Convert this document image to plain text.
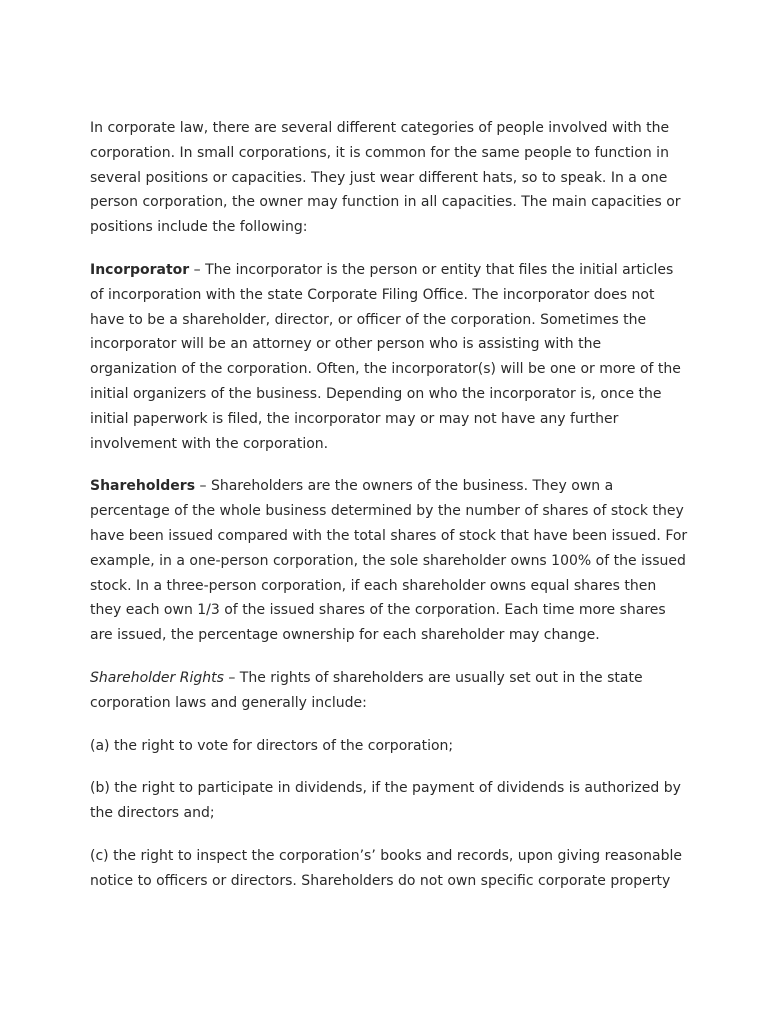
In corporate law, there are several different categories of people involved with the corporation. In small corporations, it is common for the same people to function in several positions or capacities. They just wear different hats, so to speak. In a one person corporation, the owner may function in all capacities. The main capacities or positions include the following:

Incorporator – The incorporator is the person or entity that files the initial articles of incorporation with the state Corporate Filing Office. The incorporator does not have to be a shareholder, director, or officer of the corporation. Sometimes the incorporator will be an attorney or other person who is assisting with the organization of the corporation. Often, the incorporator(s) will be one or more of the initial organizers of the business. Depending on who the incorporator is, once the initial paperwork is filed, the incorporator may or may not have any further involvement with the corporation.

Shareholders – Shareholders are the owners of the business. They own a percentage of the whole business determined by the number of shares of stock they have been issued compared with the total shares of stock that have been issued. For example, in a one-person corporation, the sole shareholder owns 100% of the issued stock. In a three-person corporation, if each shareholder owns equal shares then they each own 1/3 of the issued shares of the corporation. Each time more shares are issued, the percentage ownership for each shareholder may change.

Shareholder Rights – The rights of shareholders are usually set out in the state corporation laws and generally include:

(a) the right to vote for directors of the corporation;

(b) the right to participate in dividends, if the payment of dividends is authorized by the directors and;

(c) the right to inspect the corporation’s’ books and records, upon giving reasonable notice to officers or directors. Shareholders do not own specific corporate property
